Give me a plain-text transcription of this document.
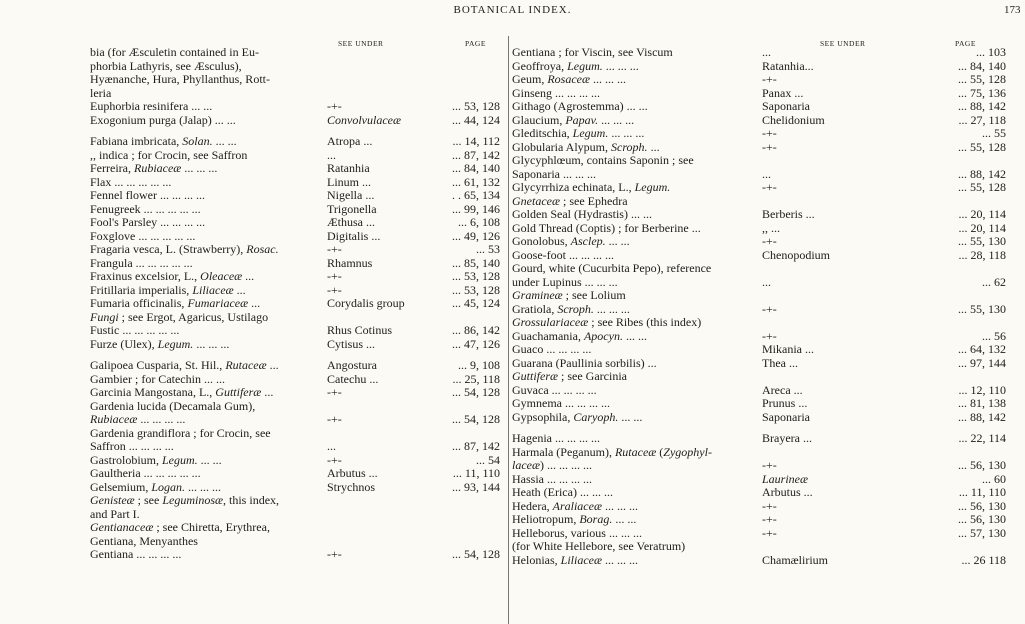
BOTANICAL INDEX.	173
SEE UNDER	PAGE	SEE UNDER	PAGE
bia (for Æsculetin contained in Eu-
phorbia Lathyris, see Æsculus),
Hyænanche, Hura, Phyllanthus, Rott-
leria
Euphorbia resinifera ... ...	-+-	... 53, 128
Exogonium purga (Jalap) ... ...	Convolvulaceæ	... 44, 124
Fabiana imbricata, Solan. ... ...	Atropa ...	... 14, 112
,, indica ; for Crocin, see Saffron	...	... 87, 142
Ferreira, Rubiaceæ ... ... ...	Ratanhia	... 84, 140
Flax ... ... ... ... ...	Linum ...	... 61, 132
Fennel flower ... ... ... ...	Nigella ...	. . 65, 134
Fenugreek ... ... ... ... ...	Trigonella	... 99, 146
Fool's Parsley ... ... ... ...	Æthusa ...	... 6, 108
Foxglove ... ... ... ... ...	Digitalis ...	... 49, 126
Fragaria vesca, L. (Strawberry), Rosac.	-+-	... 53
Frangula ... ... ... ... ...	Rhamnus	... 85, 140
Fraxinus excelsior, L., Oleaceæ ...	-+-	... 53, 128
Fritillaria imperialis, Liliaceæ ...	-+-	... 53, 128
Fumaria officinalis, Fumariaceæ ...	Corydalis group	... 45, 124
Fungi ; see Ergot, Agaricus, Ustilago
Fustic ... ... ... ... ...	Rhus Cotinus	... 86, 142
Furze (Ulex), Legum. ... ... ...	Cytisus ...	... 47, 126
Galipoea Cusparia, St. Hil., Rutaceæ ...	Angostura	... 9, 108
Gambier ; for Catechin ... ...	Catechu ...	... 25, 118
Garcinia Mangostana, L., Guttiferæ ...	-+-	... 54, 128
Gardenia lucida (Decamala Gum),
Rubiaceæ ... ... ... ...	-+-	... 54, 128
Gardenia grandiflora ; for Crocin, see
Saffron ... ... ... ...	...	... 87, 142
Gastrolobium, Legum. ... ...	-+-	... 54
Gaultheria ... ... ... ... ...	Arbutus ...	... 11, 110
Gelsemium, Logan. ... ... ...	Strychnos	... 93, 144
Genisteæ ; see Leguminosæ, this index,
and Part I.
Gentianaceæ ; see Chiretta, Erythrea,
Gentiana, Menyanthes
Gentiana ... ... ... ...	-+-	... 54, 128
Gentiana ; for Viscin, see Viscum	...	... 103
Geoffroya, Legum. ... ... ...	Ratanhia...	... 84, 140
Geum, Rosaceæ ... ... ...	-+-	... 55, 128
Ginseng ... ... ... ...	Panax ...	... 75, 136
Githago (Agrostemma) ... ...	Saponaria	... 88, 142
Glaucium, Papav. ... ... ...	Chelidonium	... 27, 118
Gleditschia, Legum. ... ... ...	-+-	... 55
Globularia Alypum, Scroph. ...	-+-	... 55, 128
Glycyphlœum, contains Saponin ; see
Saponaria ... ... ...	...	... 88, 142
Glycyrrhiza echinata, L., Legum.	-+-	... 55, 128
Gnetaceæ ; see Ephedra
Golden Seal (Hydrastis) ... ...	Berberis ...	... 20, 114
Gold Thread (Coptis) ; for Berberine ...	,, ...	... 20, 114
Gonolobus, Asclep. ... ...	-+-	... 55, 130
Goose-foot ... ... ... ...	Chenopodium	... 28, 118
Gourd, white (Cucurbita Pepo), reference
under Lupinus ... ... ...	...	... 62
Gramineæ ; see Lolium
Gratiola, Scroph. ... ... ...	-+-	... 55, 130
Grossulariaceæ ; see Ribes (this index)
Guachamania, Apocyn. ... ...	-+-	... 56
Guaco ... ... ... ...	Mikania ...	... 64, 132
Guarana (Paullinia sorbilis) ...	Thea ...	... 97, 144
Guttiferæ ; see Garcinia
Guvaca ... ... ... ...	Areca ...	... 12, 110
Gymnema ... ... ... ...	Prunus ...	... 81, 138
Gypsophila, Caryoph. ... ...	Saponaria	... 88, 142
Hagenia ... ... ... ...	Brayera ...	... 22, 114
Harmala (Peganum), Rutaceæ (Zygophyl-
laceæ) ... ... ... ...	-+-	... 56, 130
Hassia ... ... ... ...	Laurineæ	... 60
Heath (Erica) ... ... ...	Arbutus ...	... 11, 110
Hedera, Araliaceæ ... ... ...	-+-	... 56, 130
Heliotropum, Borag. ... ...	-+-	... 56, 130
Helleborus, various ... ... ...	-+-	... 57, 130
(for White Hellebore, see Veratrum)
Helonias, Liliaceæ ... ... ...	Chamælirium	... 26 118
